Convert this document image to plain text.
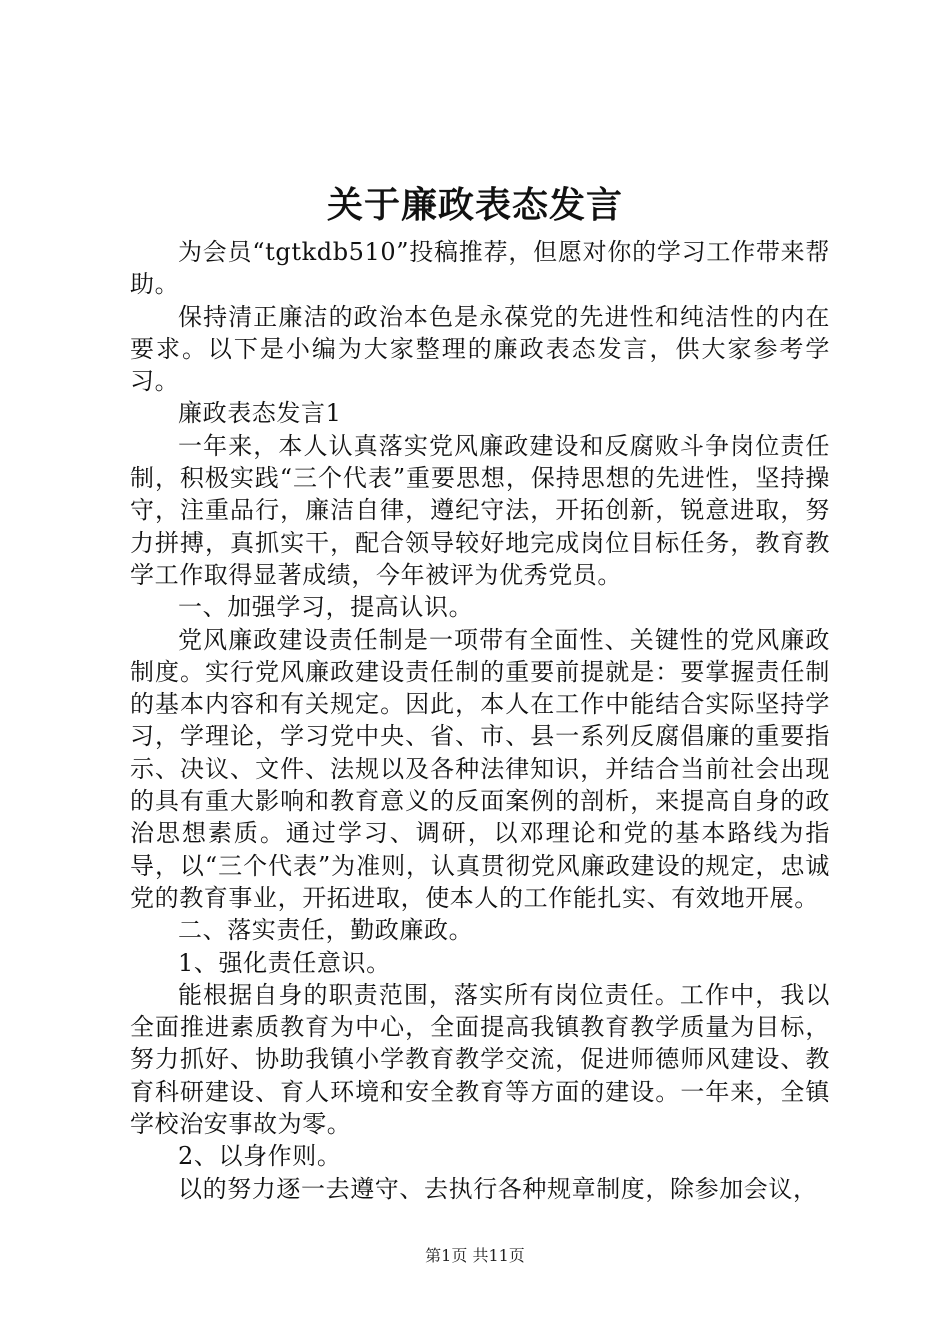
关于廉政表态发言

为会员“tgtkdb510”投稿推荐，但愿对你的学习工作带来帮助。

保持清正廉洁的政治本色是永葆党的先进性和纯洁性的内在要求。以下是小编为大家整理的廉政表态发言，供大家参考学习。

廉政表态发言1

一年来，本人认真落实党风廉政建设和反腐败斗争岗位责任制，积极实践“三个代表”重要思想，保持思想的先进性，坚持操守，注重品行，廉洁自律，遵纪守法，开拓创新，锐意进取，努力拼搏，真抓实干，配合领导较好地完成岗位目标任务，教育教学工作取得显著成绩，今年被评为优秀党员。

一、加强学习，提高认识。

党风廉政建设责任制是一项带有全面性、关键性的党风廉政制度。实行党风廉政建设责任制的重要前提就是：要掌握责任制的基本内容和有关规定。因此，本人在工作中能结合实际坚持学习，学理论，学习党中央、省、市、县一系列反腐倡廉的重要指示、决议、文件、法规以及各种法律知识，并结合当前社会出现的具有重大影响和教育意义的反面案例的剖析，来提高自身的政治思想素质。通过学习、调研，以邓理论和党的基本路线为指导，以“三个代表”为准则，认真贯彻党风廉政建设的规定，忠诚党的教育事业，开拓进取，使本人的工作能扎实、有效地开展。

二、落实责任，勤政廉政。

1、强化责任意识。

能根据自身的职责范围，落实所有岗位责任。工作中，我以全面推进素质教育为中心，全面提高我镇教育教学质量为目标，努力抓好、协助我镇小学教育教学交流，促进师德师风建设、教育科研建设、育人环境和安全教育等方面的建设。一年来，全镇学校治安事故为零。

2、以身作则。

以的努力逐一去遵守、去执行各种规章制度，除参加会议，

第1页 共11页
